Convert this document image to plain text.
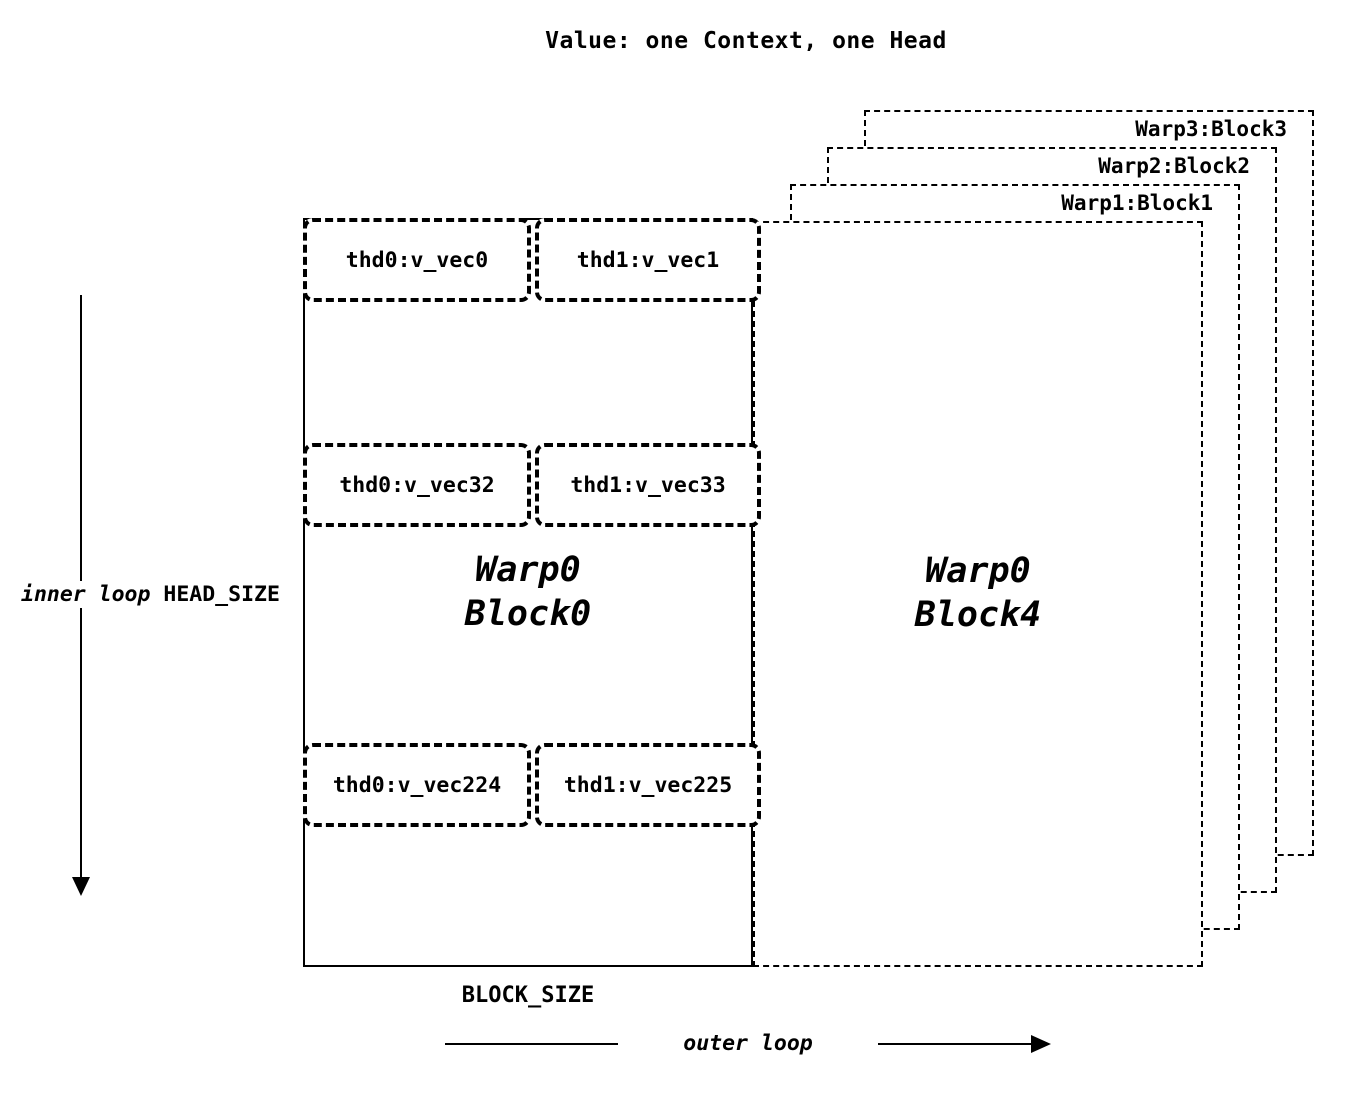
Value: one Context, one Head
Warp3:Block3
Warp2:Block2
Warp1:Block1
Warp0
Block4
thd0:v_vec0	thd1:v_vec1
thd0:v_vec32	thd1:v_vec33
thd0:v_vec224	thd1:v_vec225
Warp0
Block0
inner loop HEAD_SIZE
BLOCK_SIZE
outer loop
